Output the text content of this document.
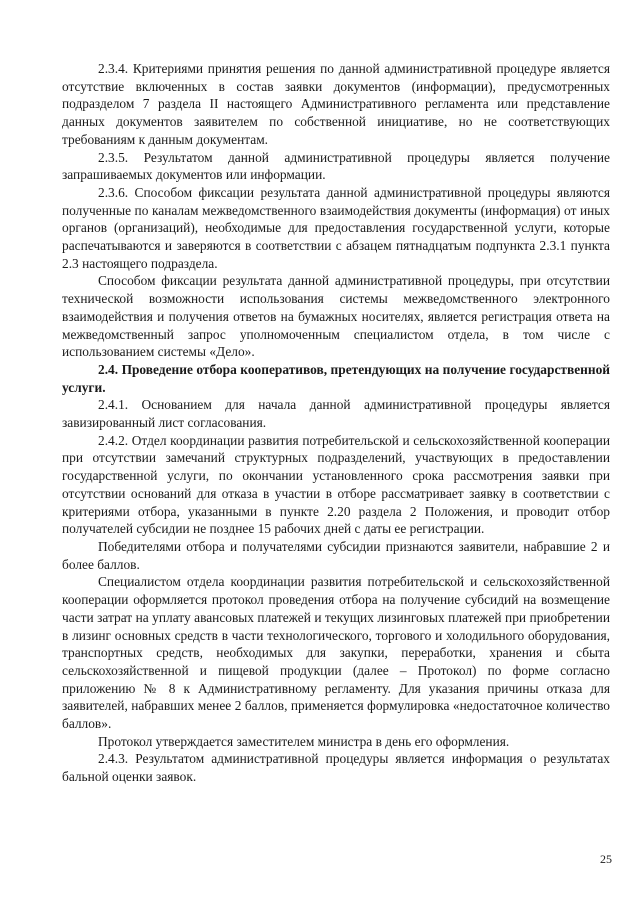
2.3.4. Критериями принятия решения по данной административной процедуре является отсутствие включенных в состав заявки документов (информации), предусмотренных подразделом 7 раздела II настоящего Административного регламента или представление данных документов заявителем по собственной инициативе, но не соответствующих требованиям к данным документам.

2.3.5. Результатом данной административной процедуры является получение запрашиваемых документов или информации.

2.3.6. Способом фиксации результата данной административной процедуры являются полученные по каналам межведомственного взаимодействия документы (информация) от иных органов (организаций), необходимые для предоставления государственной услуги, которые распечатываются и заверяются в соответствии с абзацем пятнадцатым подпункта 2.3.1 пункта 2.3 настоящего подраздела.

Способом фиксации результата данной административной процедуры, при отсутствии технической возможности использования системы межведомственного электронного взаимодействия и получения ответов на бумажных носителях, является регистрация ответа на межведомственный запрос уполномоченным специалистом отдела, в том числе с использованием системы «Дело».

2.4. Проведение отбора кооперативов, претендующих на получение государственной услуги.

2.4.1. Основанием для начала данной административной процедуры является завизированный лист согласования.

2.4.2. Отдел координации развития потребительской и сельскохозяйственной кооперации при отсутствии замечаний структурных подразделений, участвующих в предоставлении государственной услуги, по окончании установленного срока рассмотрения заявки при отсутствии оснований для отказа в участии в отборе рассматривает заявку в соответствии с критериями отбора, указанными в пункте 2.20 раздела 2 Положения, и проводит отбор получателей субсидии не позднее 15 рабочих дней с даты ее регистрации.

Победителями отбора и получателями субсидии признаются заявители, набравшие 2 и более баллов.

Специалистом отдела координации развития потребительской и сельскохозяйственной кооперации оформляется протокол проведения отбора на получение субсидий на возмещение части затрат на уплату авансовых платежей и текущих лизинговых платежей при приобретении в лизинг основных средств в части технологического, торгового и холодильного оборудования, транспортных средств, необходимых для закупки, переработки, хранения и сбыта сельскохозяйственной и пищевой продукции (далее – Протокол) по форме согласно приложению № 8 к Административному регламенту. Для указания причины отказа для заявителей, набравших менее 2 баллов, применяется формулировка «недостаточное количество баллов».

Протокол утверждается заместителем министра в день его оформления.

2.4.3. Результатом административной процедуры является информация о результатах бальной оценки заявок.

25
